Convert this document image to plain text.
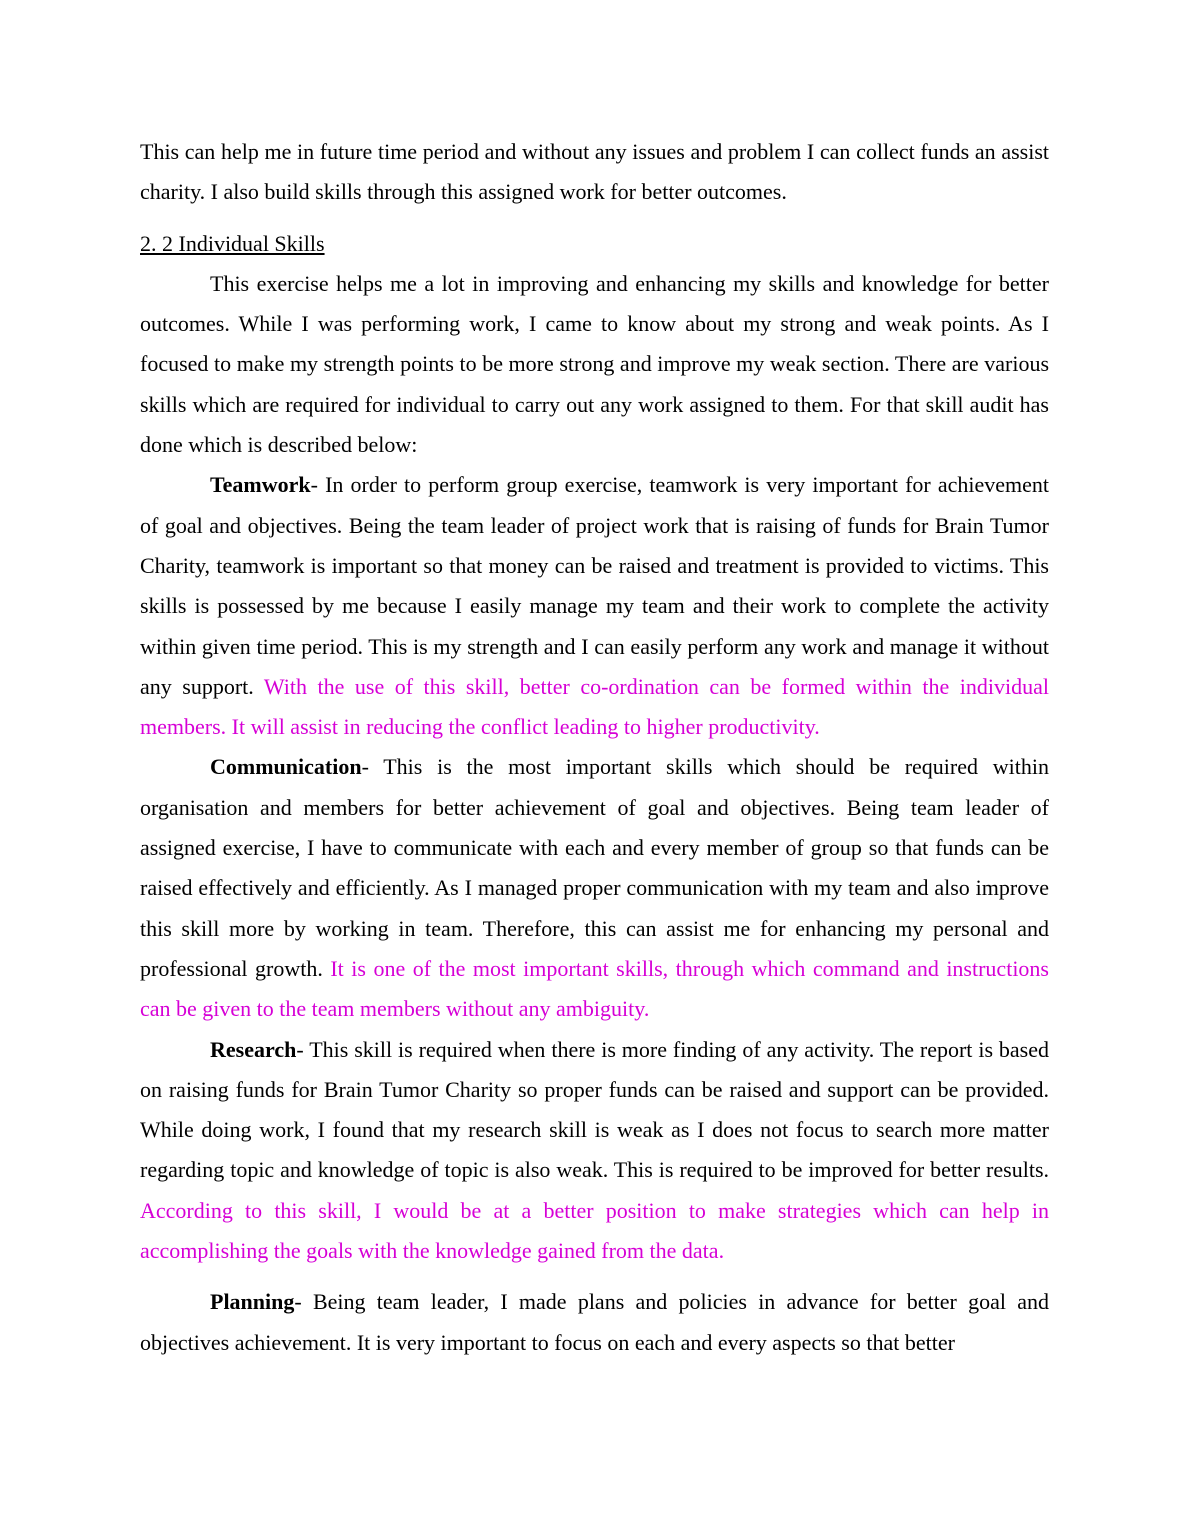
This can help me in future time period and without any issues and problem I can collect funds an assist charity. I also build skills through this assigned work for better outcomes.

2. 2 Individual Skills

This exercise helps me a lot in improving and enhancing my skills and knowledge for better outcomes. While I was performing work, I came to know about my strong and weak points. As I focused to make my strength points to be more strong and improve my weak section. There are various skills which are required for individual to carry out any work assigned to them. For that skill audit has done which is described below:

Teamwork- In order to perform group exercise, teamwork is very important for achievement of goal and objectives. Being the team leader of project work that is raising of funds for Brain Tumor Charity, teamwork is important so that money can be raised and treatment is provided to victims. This skills is possessed by me because I easily manage my team and their work to complete the activity within given time period. This is my strength and I can easily perform any work and manage it without any support. With the use of this skill, better co-ordination can be formed within the individual members. It will assist in reducing the conflict leading to higher productivity.

Communication- This is the most important skills which should be required within organisation and members for better achievement of goal and objectives. Being team leader of assigned exercise, I have to communicate with each and every member of group so that funds can be raised effectively and efficiently. As I managed proper communication with my team and also improve this skill more by working in team. Therefore, this can assist me for enhancing my personal and professional growth. It is one of the most important skills, through which command and instructions can be given to the team members without any ambiguity.

Research- This skill is required when there is more finding of any activity. The report is based on raising funds for Brain Tumor Charity so proper funds can be raised and support can be provided. While doing work, I found that my research skill is weak as I does not focus to search more matter regarding topic and knowledge of topic is also weak. This is required to be improved for better results. According to this skill, I would be at a better position to make strategies which can help in accomplishing the goals with the knowledge gained from the data.

Planning- Being team leader, I made plans and policies in advance for better goal and objectives achievement. It is very important to focus on each and every aspects so that better
